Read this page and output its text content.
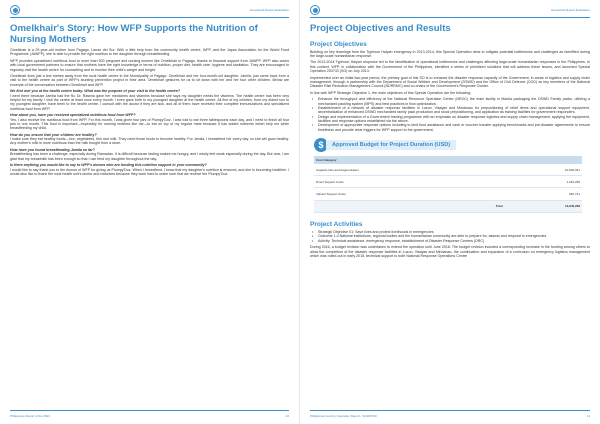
Household Report Evaluation
Omelkhair's Story: How WFP Supports the Nutrition of Nursing Mothers

Omelkhair is a 29-year-old mother from Pagago, Lanao del Sur. With a little help from the community health centre, WFP, and the Japan Association for the World Food Programme (JAWFP), she is able to provide the right nutrition to her daughter through breastfeeding.

WFP provides specialised nutritious food to more than 500 pregnant and nursing women like Omelkhair in Pagago, thanks to financial support from JAWFP. WFP also works with local government partners to ensure that mothers have the right knowledge in terms of nutrition, proper diet, health care, hygiene and sanitation. They are encouraged to regularly visit the health centre for counselling and to monitor their child's weight and height.

Omelkhair lives just a few metres away from the rural health centre in the Municipality of Pagago. Omelkhair and her four-month-old daughter, Jamila, just came back from a visit to the health centre as part of WFP's stunting prevention project in their area. Omelkhair gestures for us to sit down with her and her four other children. Below are excerpts of the conversation between Omelkhair and WFP.

We first met you at the health centre today. What was the purpose of your visit to the health centre?

I went there because Jamila had the flu. Dr. Rasmia gave her medicines and vitamins because she says my daughter needs the vitamins. The health centre has been very helpful for my family. I visit the centre at least once every month. I even gave birth to my youngest daughter at the health centre. All five of my children, from my eldest son to my youngest daughter, have been to the health centre. I consult with the doctor if they are sick, and all of them have received their complete immunizations and specialized nutritious food from WFP.

How about you, have you received specialized nutritious food from WFP?

Yes, I also receive the nutritious food from WFP. For this month, I was given four jars of Plumpy'Doz. I was told to eat three tablespoons each day, and I need to finish all four jars in one month. This food is important—especially for nursing mothers like me—to eat on top of my regular meal because it has added nutrients which help me while breastfeeding my child.

How do you ensure that your children are healthy?

I make sure they eat healthy foods—rice, vegetables, fish and milk. They need those foods to become healthy. For Jamila, I breastfeed her every day, so she will grow healthy. Any mother's milk is more nutritious than the milk bought from a store.

How have you found breastfeeding Jamila so far?

Breastfeeding has been a challenge, especially during Ramadan. It is difficult because fasting makes me hungry, and I easily feel weak especially during the day. But now, I am glad that my breastmilk has been enough so that I can feed my daughter throughout the day.

Is there anything you would like to say to WFP's donors who are funding this nutrition support in your community?

I would like to say thank you to the donors of WFP for giving us Plumpy'Doz. When I breastfeed, I know that my daughter's nutrition is ensured, and she is becoming healthier. I would also like to thank the rural health unit's doctor and midwives because they work hard to make sure that we receive the Plumpy'Doz.

Philippines Report of the SSD	10
Household Report Evaluation
Project Objectives and Results
Project Objectives

Building on key learnings from the Typhoon Haiyan emergency in 2013-2014, this Special Operation aims to mitigate potential bottlenecks and challenges as identified during the large-scale humanitarian response.

The 2013-2014 Typhoon Haiyan response led to the identification of operational bottlenecks and challenges affecting large-scale humanitarian responses in the Philippines. In this context, WFP, in collaboration with the Government of the Philippines, identified a series of prioritized solutions that will address these issues, and launched Special Operation 200743 (SO) on July 2014.

Implemented over an initial two-year period, the primary goal of this SO is to enhance the disaster response capacity of the Government, in areas of logistics and supply chain management, through a partnership with the Department of Social Welfare and Development (DSWD) and the Office of Civil Defence (OCD) as key members of the National Disaster Risk Reduction Management Council (NDRRMC) and co-chairs of the Government's Response Cluster.

In line with WFP Strategic Objective 1, the main objectives of this Special Operation are the following:

• Enhance the throughput and efficiency at the National Resource Operation Center (NROC) the main facility in Manila packaging the DSWD Family packs, utilizing a mechanized packing system (MPS) and best practices in flow optimization.
• Establishment of a network of disaster response facilities in Luzon, Visayas and Mindanao for prepositioning of relief items and operational support equipment, decentralization of enhanced DSWD mechanized family pack production and stock prepositioning, and application as training facilities for government responders.
• Design and implementation of a Government training programme with an emphasis on disaster response logistics and supply chain management, applying the equipment, facilities and response options established via the above.
• Development of appropriate response options including in-kind food assistance and cash or voucher transfer applying benchmarks and pre-disaster agreements to ensure timeliness and provide clear triggers for WFP support to the government.
$	Approved Budget for Project Duration (USD)
Cost Category	
Capacity Dev and Augmentation	10,992,321
Direct Support Costs	1,916,256
Indirect Support Costs	940,721
Total	13,849,298
Project Activities
• Strategic Objective 01: Save lives and protect livelihoods in emergencies
• Outcome 1.4 National institutions, regional bodies and the humanitarian community are able to prepare for, assess and respond to emergencies
• Activity: Technical assistance, emergency response, establishment of Disaster Response Centres (DRC)

During 2016, a budget revision was undertaken to extend the operation until June 2016. The budget revision included a corresponding increase in the funding among others to allow the completion of the disaster response facilities in Luzon, Visayas and Mindanao, the continuation and expansion of a curriculum on emergency logistics management which was rolled-out in early 2015, technical support to both National Response Operations Centre

Philippines Country Operation Report - SO200743	11
